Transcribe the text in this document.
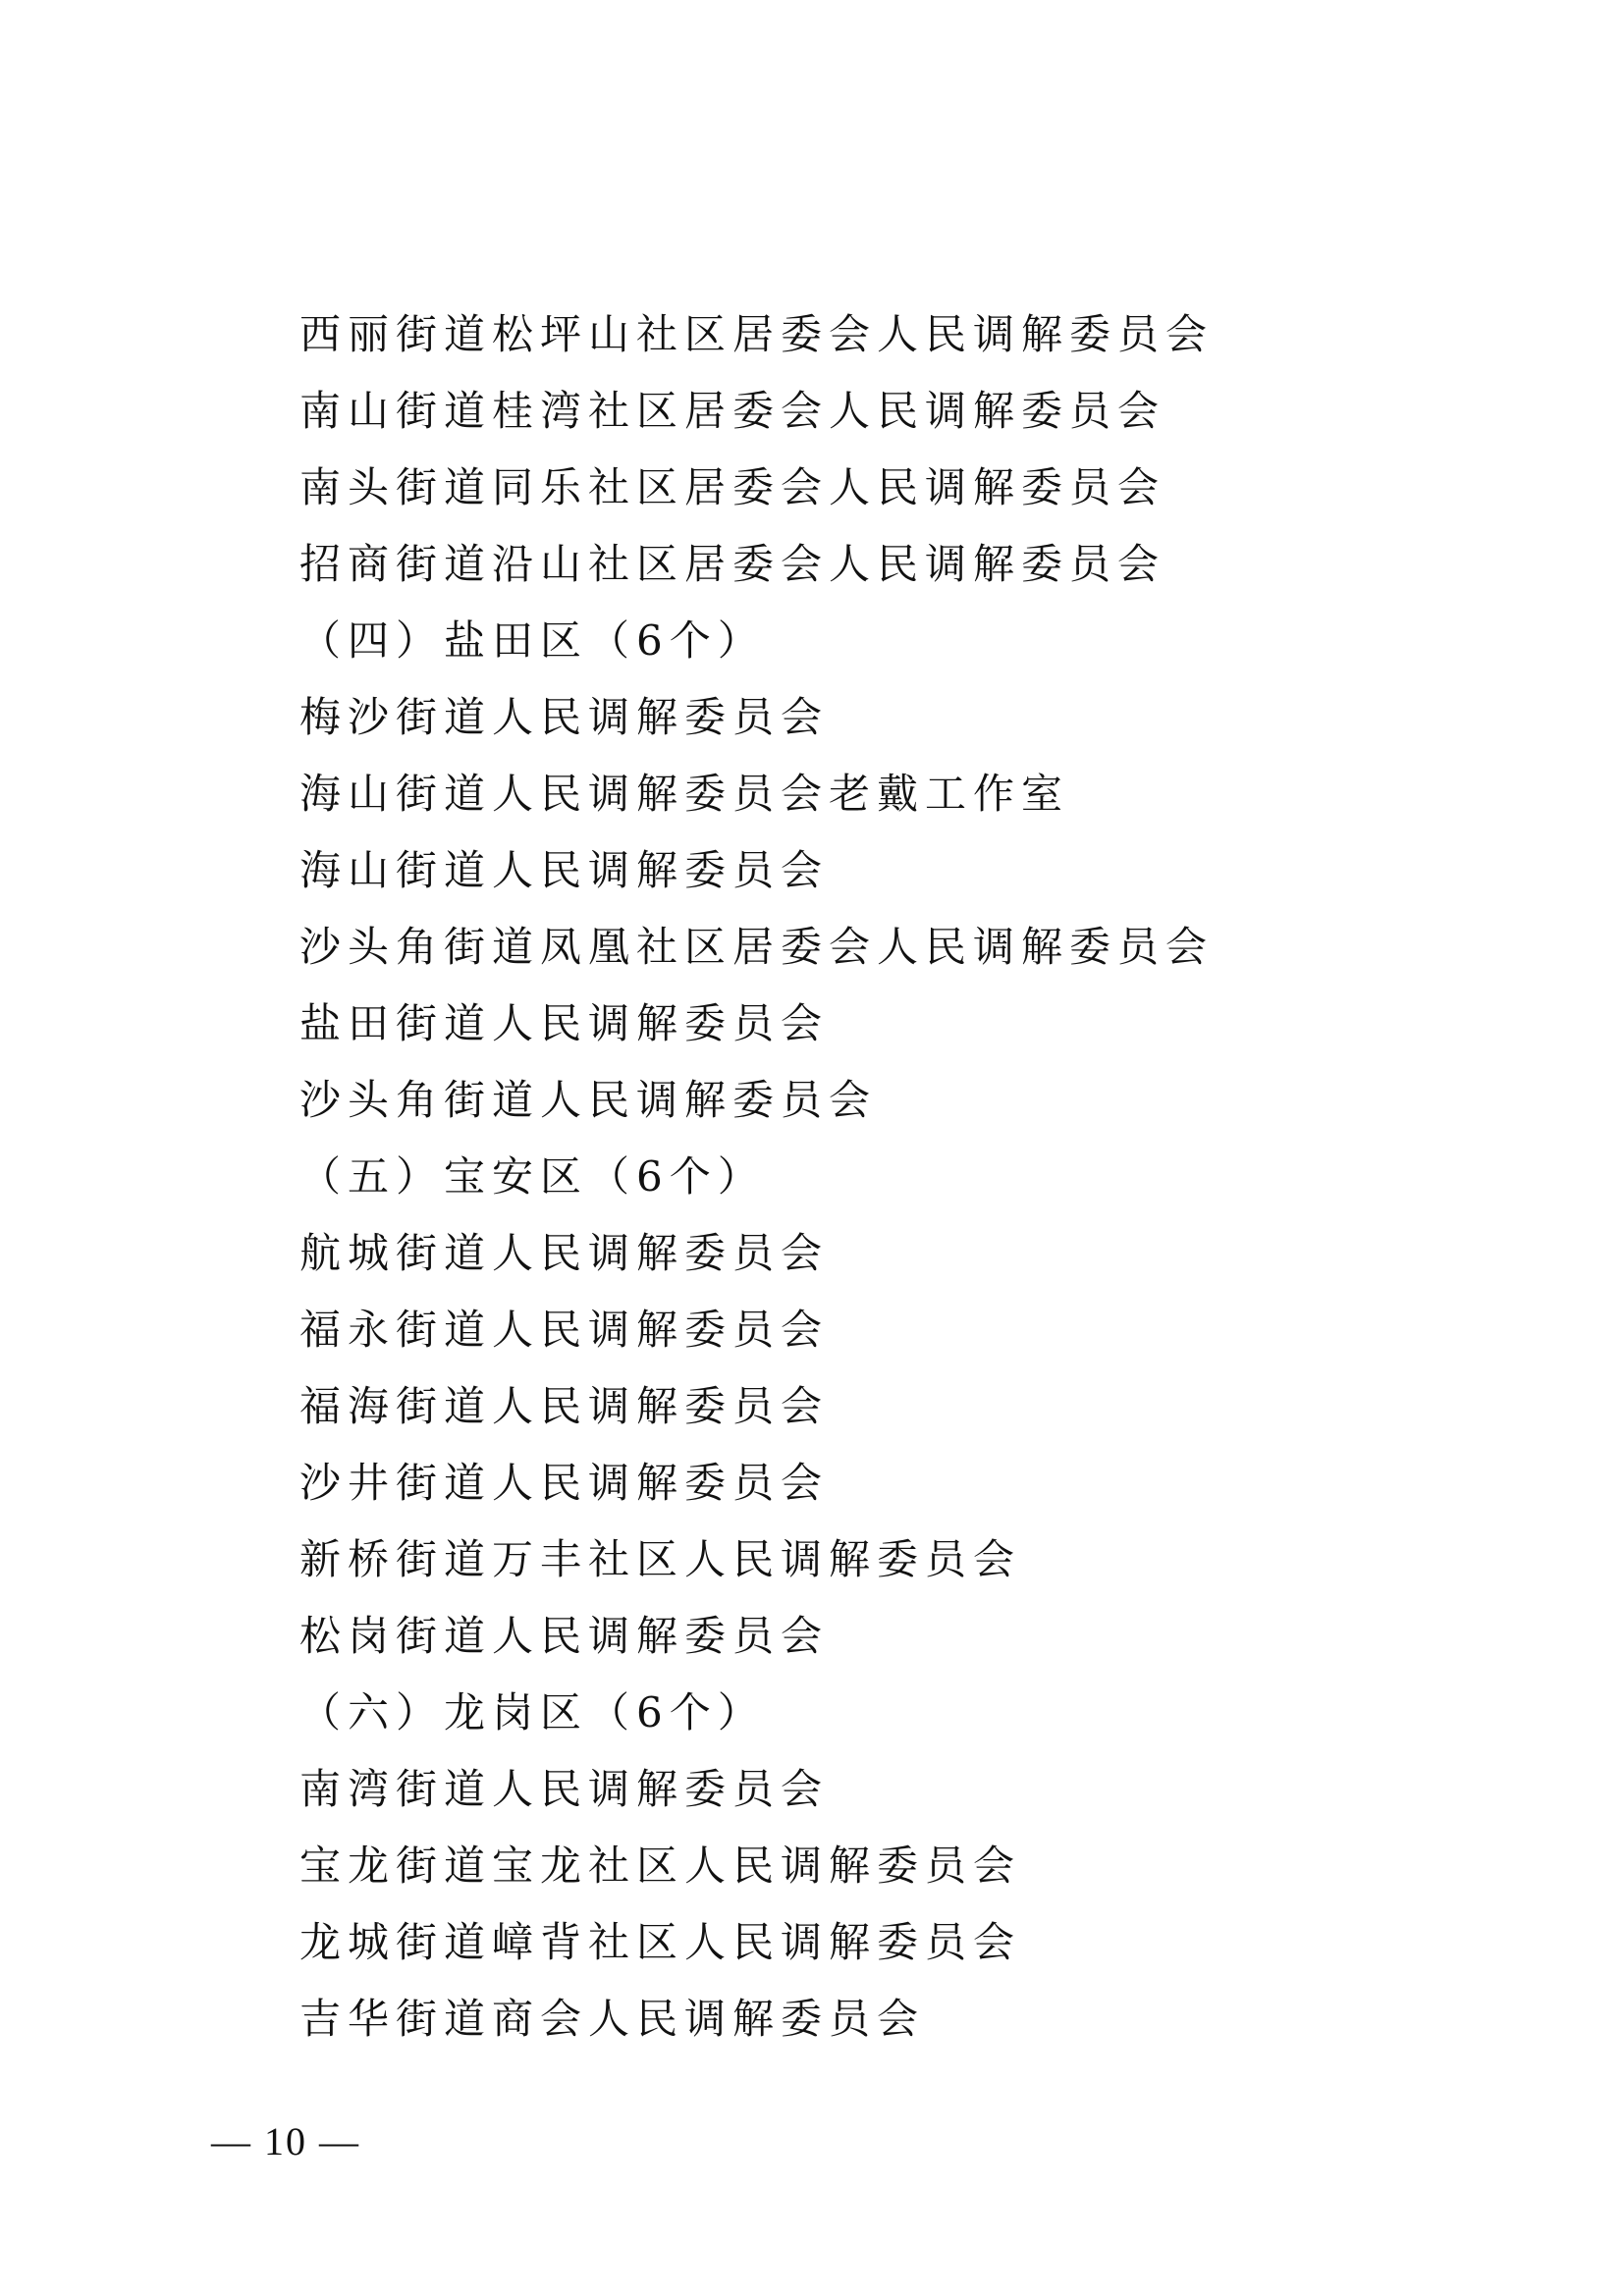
西丽街道松坪山社区居委会人民调解委员会

南山街道桂湾社区居委会人民调解委员会

南头街道同乐社区居委会人民调解委员会

招商街道沿山社区居委会人民调解委员会

（四）盐田区（6个）

梅沙街道人民调解委员会

海山街道人民调解委员会老戴工作室

海山街道人民调解委员会

沙头角街道凤凰社区居委会人民调解委员会

盐田街道人民调解委员会

沙头角街道人民调解委员会

（五）宝安区（6个）

航城街道人民调解委员会

福永街道人民调解委员会

福海街道人民调解委员会

沙井街道人民调解委员会

新桥街道万丰社区人民调解委员会

松岗街道人民调解委员会

（六）龙岗区（6个）

南湾街道人民调解委员会

宝龙街道宝龙社区人民调解委员会

龙城街道嶂背社区人民调解委员会

吉华街道商会人民调解委员会

— 10 —
